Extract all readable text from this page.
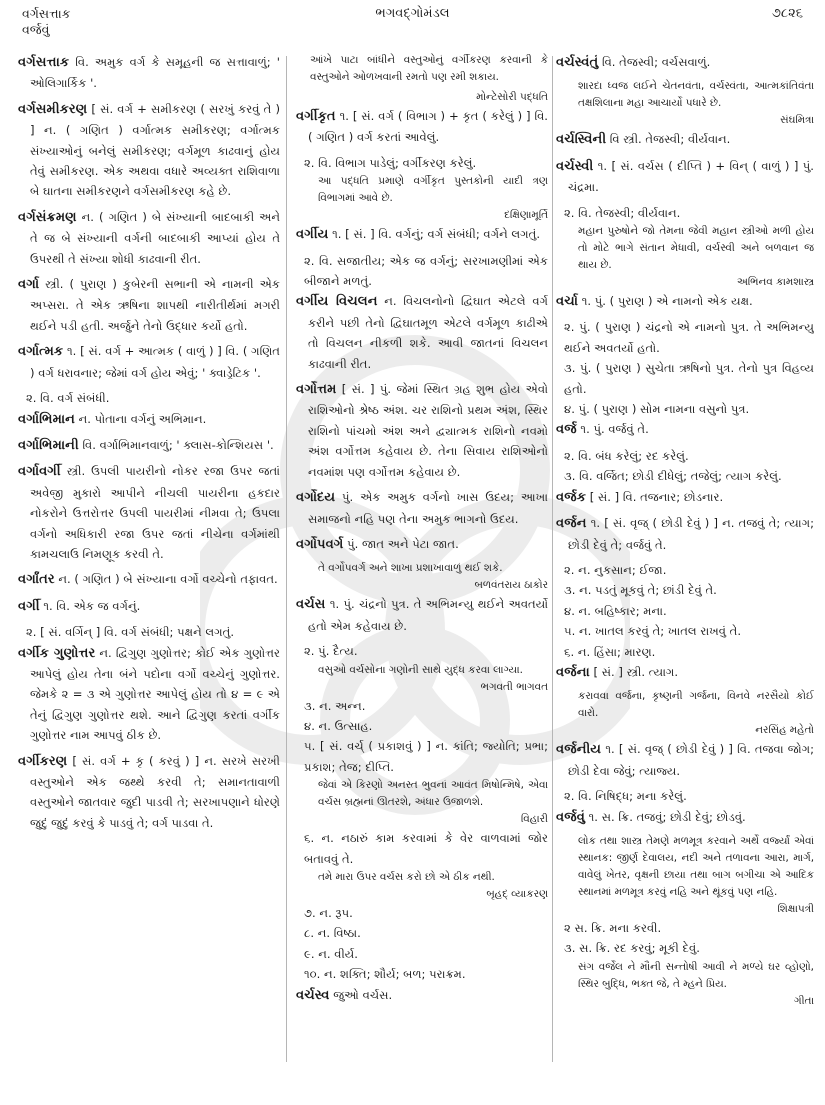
વર્ગસત્તાક
વર્જવું
ભગવદ્ગોમંડલ	૭૮૨૬

વર્ગસત્તાક વિ. અમુક વર્ગ કે સમૂહની જ સત્તાવાળું; ' ઓલિગાર્કિક '.

વર્ગસમીકરણ [ સં. વર્ગ + સમીકરણ ( સરખું કરવું તે ) ] ન. ( ગણિત ) વર્ગાત્મક સમીકરણ; વર્ગાત્મક સંખ્યાઓનું બનેલું સમીકરણ; વર્ગમૂળ કાઢવાનું હોય તેવું સમીકરણ. એક અથવા વધારે અવ્યક્ત રાશિવાળા બે ઘાતના સમીકરણને વર્ગસમીકરણ કહે છે.

વર્ગસંક્રમણ ન. ( ગણિત ) બે સંખ્યાની બાદબાકી અને તે જ બે સંખ્યાની વર્ગની બાદબાકી આપ્યાં હોય તે ઉપરથી તે સંખ્યા શોધી કાઢવાની રીત.

વર્ગા સ્ત્રી. ( પુરાણ ) કુબેરની સભાની એ નામની એક અપ્સરા. તે એક ઋષિના શાપથી નારીતીર્થમાં મગરી થઈને પડી હતી. અર્જુને તેનો ઉદ્ધાર કર્યો હતો.

વર્ગાત્મક ૧. [ સં. વર્ગ + આત્મક ( વાળું ) ] વિ. ( ગણિત ) વર્ગ ધરાવનાર; જેમાં વર્ગ હોય એવું; ' ક્વાડ્રેટિક '.

૨. વિ. વર્ગ સંબંધી.

વર્ગાભિમાન ન. પોતાના વર્ગનું અભિમાન.

વર્ગાભિમાની વિ. વર્ગાભિમાનવાળું; ' ક્લાસ-કોન્શિયસ '.

વર્ગાવર્ગી સ્ત્રી. ઉપલી પાયરીનો નોકર રજા ઉપર જતાં અવેજી મુકારો આપીને નીચલી પાયરીના હકદાર નોકરોને ઉત્તરોત્તર ઉપલી પાયરીમાં નીમવા તે; ઉપલા વર્ગનો અધિકારી રજા ઉપર જતાં નીચેના વર્ગમાંથી કામચલાઉ નિમણૂક કરવી તે.

વર્ગાંતર ન. ( ગણિત ) બે સંખ્યાના વર્ગો વચ્ચેનો તફાવત.

વર્ગી ૧. વિ. એક જ વર્ગનું.

૨. [ સં. વર્ગિન્ ] વિ. વર્ગ સંબંધી; પક્ષને લગતું.

વર્ગીક ગુણોત્તર ન. દ્વિગુણ ગુણોત્તર; કોઈ એક ગુણોત્તર આપેલું હોય તેના બંને પદોના વર્ગો વચ્ચેનું ગુણોત્તર. જેમકે ૨ = ૩ એ ગુણોત્તર આપેલું હોય તો ૪ = ૯ એ તેનું દ્વિગુણ ગુણોત્તર થશે. આને દ્વિગુણ કરતાં વર્ગીક ગુણોત્તર નામ આપવું ઠીક છે.

વર્ગીકરણ [ સં. વર્ગ + કૃ ( કરવું ) ] ન. સરખે સરખી વસ્તુઓને એક જથ્થે કરવી તે; સમાનતાવાળી વસ્તુઓને જાતવાર જુદી પાડવી તે; સરખાપણાને ધોરણે જુદું જુદું કરવું કે પાડવું તે; વર્ગ પાડવા તે.

આંખે પાટા બાંધીને વસ્તુઓનું વર્ગીકરણ કરવાની કે વસ્તુઓને ઓળખવાની રમતો પણ રમી શકાય.

મોન્ટેસોરી પદ્ધતિ

વર્ગીકૃત ૧. [ સં. વર્ગ ( વિભાગ ) + કૃત ( કરેલું ) ] વિ. ( ગણિત ) વર્ગ કરતાં આવેલું.

૨. વિ. વિભાગ પાડેલું; વર્ગીકરણ કરેલું.

આ પદ્ધતિ પ્રમાણે વર્ગીકૃત પુસ્તકોની યાદી ત્રણ વિભાગમાં આવે છે.

દક્ષિણામૂર્તિ

વર્ગીય ૧. [ સં. ] વિ. વર્ગનું; વર્ગ સંબંધી; વર્ગને લગતું.

૨. વિ. સજાતીય; એક જ વર્ગનું; સરખામણીમાં એક બીજાને મળતું.

વર્ગીય વિચલન ન. વિચલનોનો દ્વિઘાત એટલે વર્ગ કરીને પછી તેનો દ્વિઘાતમૂળ એટલે વર્ગમૂળ કાઢીએ તો વિચલન નીકળી શકે. આવી જાતનાં વિચલન કાઢવાની રીત.

વર્ગોત્તમ [ સં. ] પું. જેમાં સ્થિત ગ્રહ શુભ હોય એવો રાશિઓનો શ્રેષ્ઠ અંશ. ચર રાશિનો પ્રથમ અંશ, સ્થિર રાશિનો પાંચમો અંશ અને દ્વ્યાત્મક રાશિનો નવમો અંશ વર્ગોત્તમ કહેવાય છે. તેના સિવાય રાશિઓનો નવમાંશ પણ વર્ગોત્તમ કહેવાય છે.

વર્ગોદય પું. એક અમુક વર્ગનો ખાસ ઉદય; આખા સમાજનો નહિ પણ તેના અમુક ભાગનો ઉદય.

વર્ગોપવર્ગ પું. જાત અને પેટા જાત.

તે વર્ગોપવર્ગ અને શાખા પ્રશાખાવાળું થઈ શકે.

બળવંતરાય ઠાકોર

વર્ચસ ૧. પું. ચંદ્રનો પુત્ર. તે અભિમન્યુ થઈને અવતર્યો હતો એમ કહેવાય છે.

૨. પું. દૈત્ય.

વસુઓ વર્ચસોના ગણોની સાથે યુદ્ધ કરવા લાગ્યા.

ભગવતી ભાગવત

૩. ન. અન્ન.

૪. ન. ઉત્સાહ.

૫. [ સં. વર્ચ્ ( પ્રકાશવું ) ] ન. કાંતિ; જ્યોતિ; પ્રભા; પ્રકાશ; તેજ; દીપ્તિ.

જેવાં એ કિરણો અનસ્ત ભુવનાં આવંત મિષોન્મિષે, એવા વર્ચસ બ્રહ્મનાં ઊતરશે, અંધાર ઉજાળશે.

વિહારી

૬. ન. નઠારું કામ કરવામાં કે વેર વાળવામાં જોર બતાવવું તે.

તમે મારા ઉપર વર્ચસ કરો છો એ ઠીક નથી.

બૃહદ્ વ્યાકરણ

૭. ન. રૂપ.

૮. ન. વિષ્ઠા.

૯. ન. વીર્ય.

૧૦. ન. શક્તિ; શૌર્ય; બળ; પરાક્રમ.

વર્ચસ્વ જુઓ વર્ચસ.

વર્ચસ્વંતું વિ. તેજસ્વી; વર્ચસવાળું.

શારદા ધ્વજ લઈને ચેતનવંતા, વર્ચસ્વંતા, આત્મકાંતિવંતા તક્ષશિલાના મહા આચાર્યો પધારે છે.

સંઘમિત્રા

વર્ચસ્વિની વિ સ્ત્રી. તેજસ્વી; વીર્યવાન.

વર્ચસ્વી ૧. [ સં. વર્ચસ ( દીપ્તિ ) + વિન્ ( વાળું ) ] પું. ચંદ્રમા.

૨. વિ. તેજસ્વી; વીર્યવાન.

મહાન પુરુષોને જો તેમના જેવી મહાન સ્ત્રીઓ મળી હોય તો મોટે ભાગે સંતાન મેધાવી, વર્ચસ્વી અને બળવાન જ થાય છે.

અભિનવ કામશાસ્ત્ર

વર્ચા ૧. પું. ( પુરાણ ) એ નામનો એક યક્ષ.

૨. પું. ( પુરાણ ) ચંદ્રનો એ નામનો પુત્ર. તે અભિમન્યુ થઈને અવતર્યો હતો.

૩. પું. ( પુરાણ ) સુચેતા ઋષિનો પુત્ર. તેનો પુત્ર વિહવ્ય હતો.

૪. પું. ( પુરાણ ) સોમ નામના વસુનો પુત્ર.

વર્જ ૧. પું. વર્જવું તે.

૨. વિ. બંધ કરેલું; રદ કરેલું.

૩. વિ. વર્જિત; છોડી દીધેલું; તજેલું; ત્યાગ કરેલું.

વર્જક [ સં. ] વિ. તજનાર; છોડનાર.

વર્જન ૧. [ સં. વૃજ્ ( છોડી દેવું ) ] ન. તજવું તે; ત્યાગ; છોડી દેવું તે; વર્જવું તે.

૨. ન. નુકસાન; ઈજા.

૩. ન. પડતું મૂકવું તે; છાંડી દેવું તે.

૪. ન. બહિષ્કાર; મના.

૫. ન. ખાતલ કરવું તે; ખાતલ રાખવું તે.

૬. ન. હિંસા; મારણ.

વર્જના [ સં. ] સ્ત્રી. ત્યાગ.

કરાવવા વર્જના, કૃષ્ણની ગર્જના, વિનવે નરસૈયો કોઈ વારો.

નરસિંહ મહેતો

વર્જનીય ૧. [ સં. વૃજ્ ( છોડી દેવું ) ] વિ. તજવા જોગ; છોડી દેવા જેવું; ત્યાજ્ય.

૨. વિ. નિષિદ્ધ; મના કરેલું.

વર્જવું ૧. સ. ક્રિ. તજવું; છોડી દેવું; છોડવું.

લોક તથા શાસ્ત્ર તેમણે મળમૂત્ર કરવાને અર્થે વર્જ્યાં એવાં સ્થાનક: જીર્ણ દેવાલય, નદી અને તળાવના આરા, માર્ગ, વાવેલું ખેતર, વૃક્ષની છાયા તથા બાગ બગીચા એ આદિક સ્થાનમાં મળમૂત્ર કરવું નહિ અને થૂંકવું પણ નહિ.

શિક્ષાપત્રી

૨ સ. ક્રિ. મના કરવી.

૩. સ. ક્રિ. રદ કરવું; મૂકી દેવું.

સંગ વર્જેલ ને મૌની સન્તોષી આવી ને મળ્યે ઘર વ્હોણો, સ્થિર બુદ્ધિ, ભક્ત જે, તે મ્હને પ્રિય.

ગીતા
